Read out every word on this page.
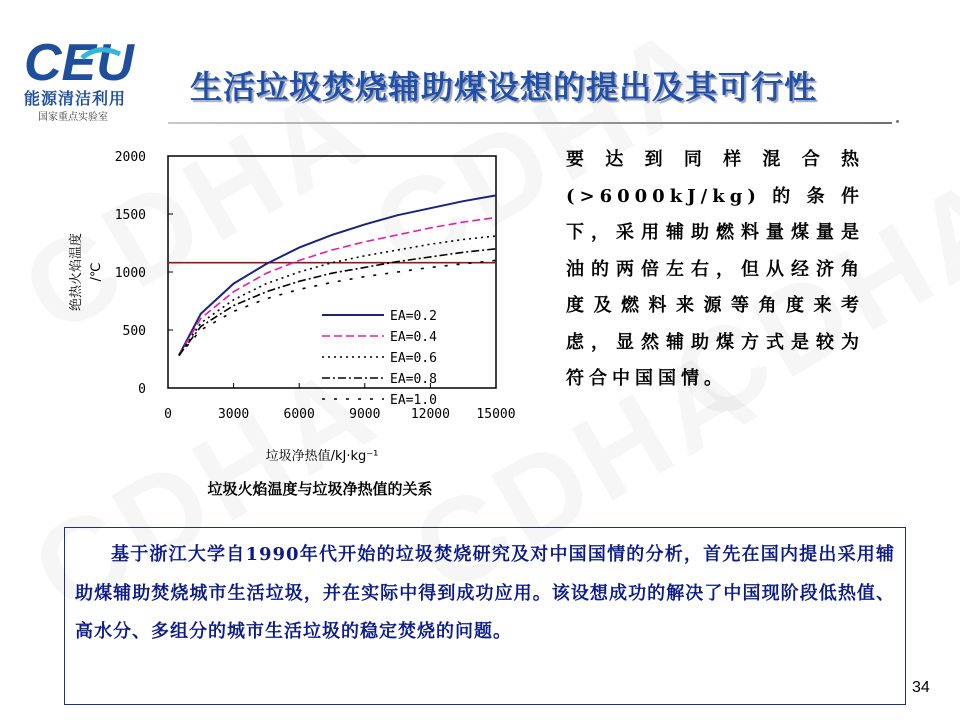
CEU
能源清洁利用
国家重点实验室
生活垃圾焚烧辅助煤设想的提出及其可行性
0
500
1000
1500
2000
0	3000	6000	9000 12000 15000
垃圾净热值/kJ·kg⁻¹
绝热火焰温度 /℃
EA=0.2
EA=0.4
EA=0.6
EA=0.8
EA=1.0
垃圾火焰温度与垃圾净热值的关系
要达到同样混合热(>6000kJ/kg)的条件下，采用辅助燃料量煤量是油的两倍左右，但从经济角度及燃料来源等角度来考虑，显然辅助煤方式是较为符合中国国情。

基于浙江大学自1990年代开始的垃圾焚烧研究及对中国国情的分析，首先在国内提出采用辅助煤辅助焚烧城市生活垃圾，并在实际中得到成功应用。该设想成功的解决了中国现阶段低热值、高水分、多组分的城市生活垃圾的稳定焚烧的问题。

34
